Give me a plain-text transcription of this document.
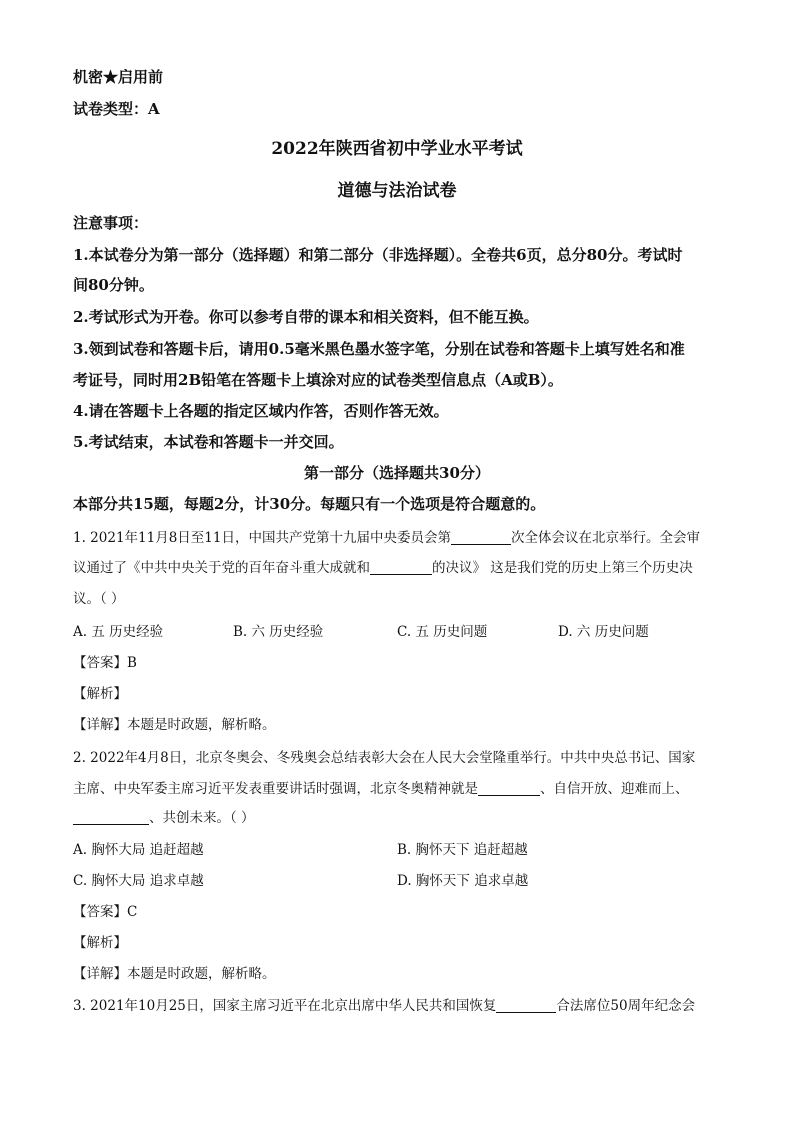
机密★启用前
试卷类型：A
2022年陕西省初中学业水平考试
道德与法治试卷
注意事项：
1.本试卷分为第一部分（选择题）和第二部分（非选择题）。全卷共6页，总分80分。考试时
间80分钟。
2.考试形式为开卷。你可以参考自带的课本和相关资料，但不能互换。
3.领到试卷和答题卡后，请用0.5毫米黑色墨水签字笔，分别在试卷和答题卡上填写姓名和准
考证号，同时用2B铅笔在答题卡上填涂对应的试卷类型信息点（A或B）。
4.请在答题卡上各题的指定区域内作答，否则作答无效。
5.考试结束，本试卷和答题卡一并交回。
第一部分（选择题共30分）
本部分共15题，每题2分，计30分。每题只有一个选项是符合题意的。
1. 2021年11月8日至11日，中国共产党第十九届中央委员会第	次全体会议在北京举行。全会审
议通过了《中共中央关于党的百年奋斗重大成就和	的决议》 这是我们党的历史上第三个历史决
议。（ ）
A. 五 历史经验	B. 六 历史经验	C. 五 历史问题	D. 六 历史问题
【答案】B
【解析】
【详解】本题是时政题，解析略。
2. 2022年4月8日，北京冬奥会、冬残奥会总结表彰大会在人民大会堂隆重举行。中共中央总书记、国家
主席、中央军委主席习近平发表重要讲话时强调，北京冬奥精神就是	、自信开放、迎难而上、
、共创未来。（ ）
A. 胸怀大局 追赶超越	B. 胸怀天下 追赶超越
C. 胸怀大局 追求卓越	D. 胸怀天下 追求卓越
【答案】C
【解析】
【详解】本题是时政题，解析略。
3. 2021年10月25日，国家主席习近平在北京出席中华人民共和国恢复	合法席位50周年纪念会
